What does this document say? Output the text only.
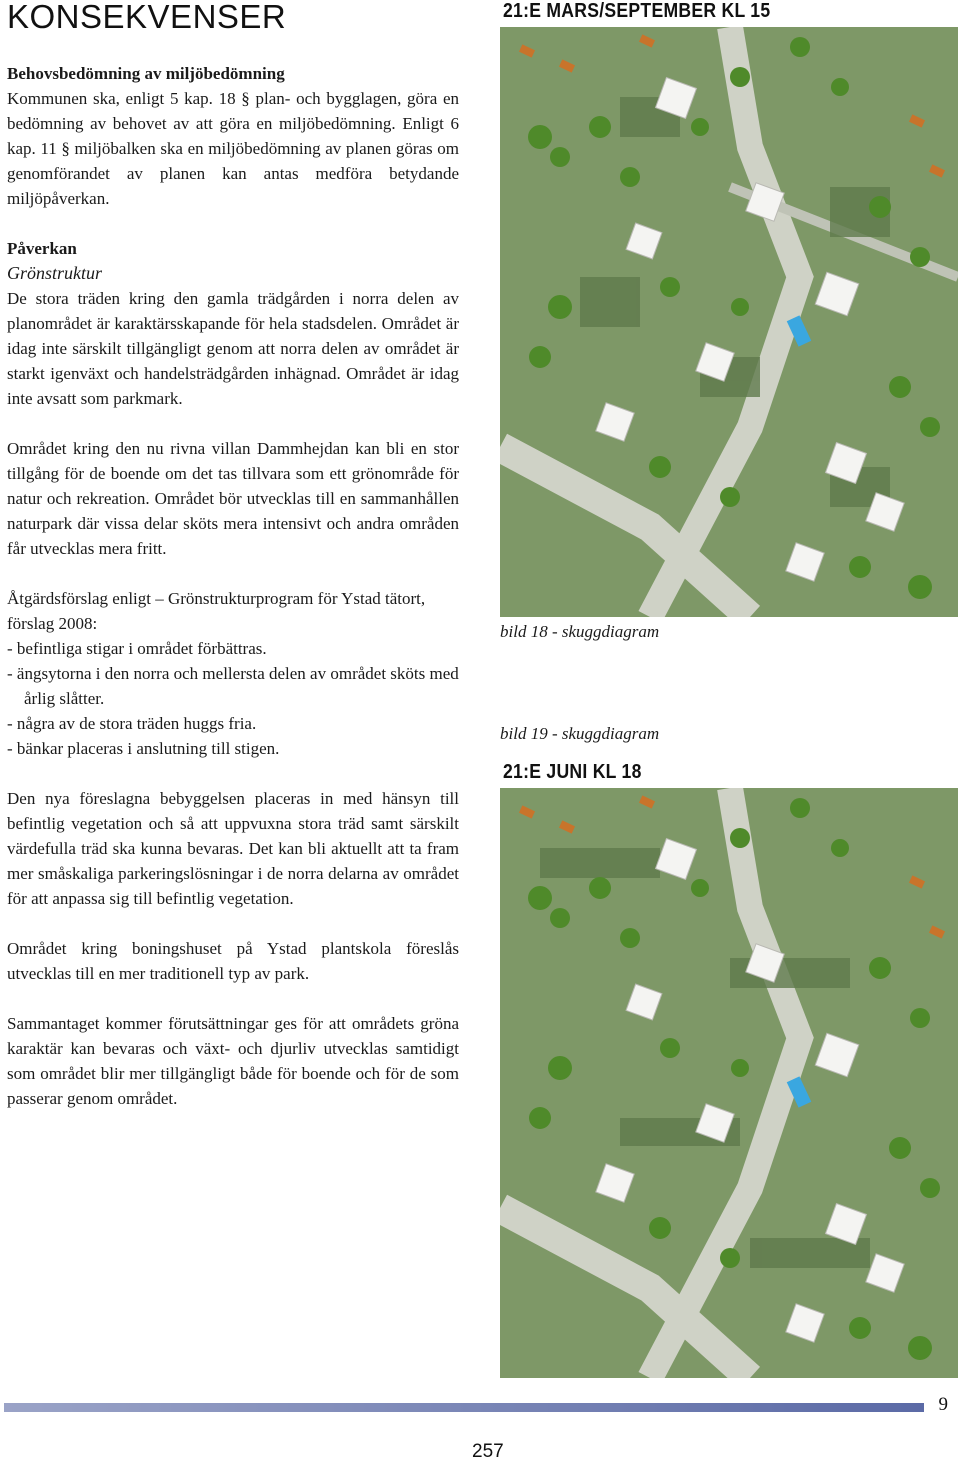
KONSEKVENSER
Behovsbedömning av miljöbedömning

Kommunen ska, enligt 5 kap. 18 § plan- och bygglagen, göra en bedömning av behovet av att göra en miljöbedömning. Enligt 6 kap. 11 § miljöbalken ska en miljöbedömning av planen göras om genomförandet av planen kan antas medföra betydande miljöpåverkan.

Påverkan
Grönstruktur

De stora träden kring den gamla trädgården i norra delen av planområdet är karaktärsskapande för hela stadsdelen. Området är idag inte särskilt tillgängligt genom att norra delen av området är starkt igenväxt och handelsträdgården inhägnad. Området är idag inte avsatt som parkmark.

Området kring den nu rivna villan Dammhejdan kan bli en stor tillgång för de boende om det tas tillvara som ett grönområde för natur och rekreation. Området bör utvecklas till en sammanhållen naturpark där vissa delar sköts mera intensivt och andra områden får utvecklas mera fritt.

Åtgärdsförslag enligt – Grönstrukturprogram för Ystad tätort, förslag 2008:
- befintliga stigar i området förbättras.
- ängsytorna i den norra och mellersta delen av området sköts med årlig slåtter.
- några av de stora träden huggs fria.
- bänkar placeras i anslutning till stigen.

Den nya föreslagna bebyggelsen placeras in med hänsyn till befintlig vegetation och så att uppvuxna stora träd samt särskilt värdefulla träd ska kunna bevaras. Det kan bli aktuellt att ta fram mer småskaliga parkeringslösningar i de norra delarna av området för att anpassa sig till befintlig vegetation.

Området kring boningshuset på Ystad plantskola föreslås utvecklas till en mer traditionell typ av park.

Sammantaget kommer förutsättningar ges för att områdets gröna karaktär kan bevaras och växt- och djurliv utvecklas samtidigt som området blir mer tillgängligt både för boende och för de som passerar genom området.

21:E MARS/SEPTEMBER KL 15
bild 18 - skuggdiagram
bild 19 - skuggdiagram
21:E JUNI KL 18
9
257
